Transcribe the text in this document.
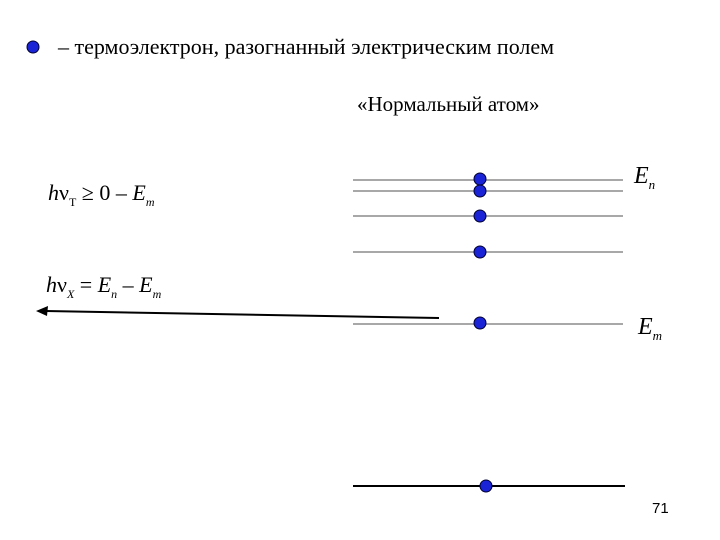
– термоэлектрон, разогнанный электрическим полем
«Нормальный атом»
$h\nu_T \ge 0 - E_m$
$h\nu_X = E_n - E_m$
$E_n$
$E_m$
71
